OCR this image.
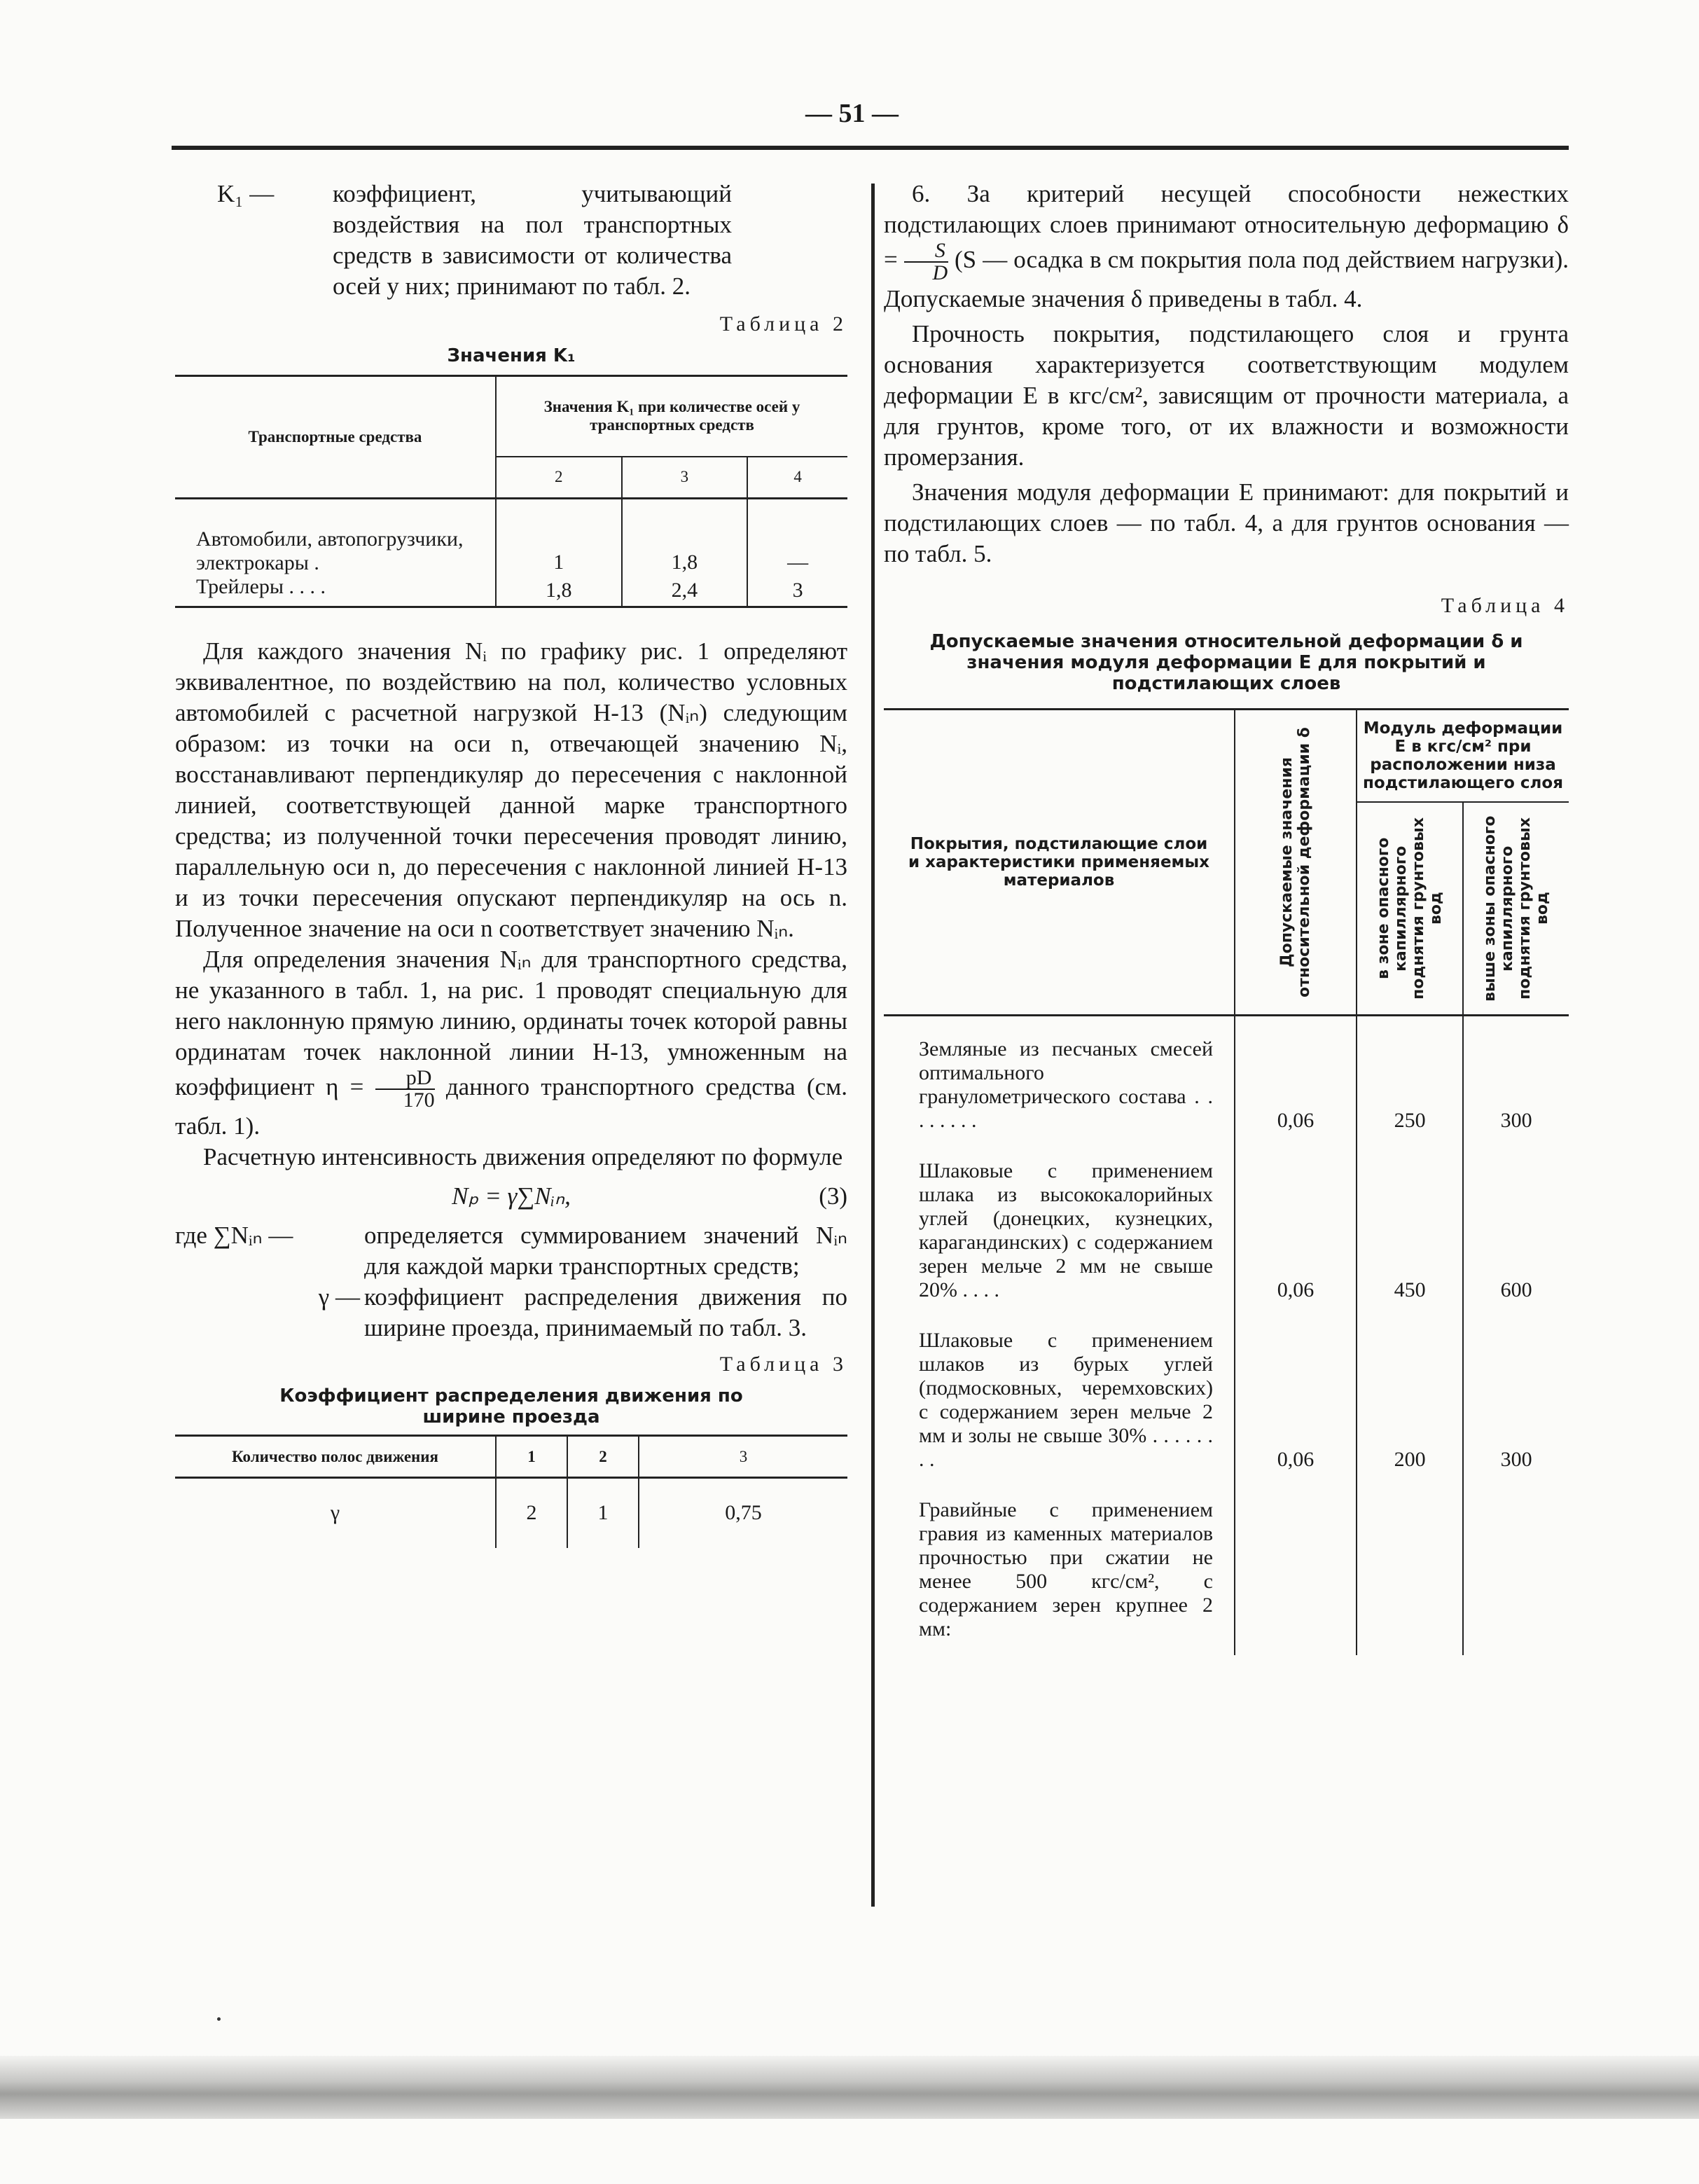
— 51 —
K₁ —	коэффициент, учитывающий воздействия на пол транспортных средств в зависимости от количества осей у них; принимают по табл. 2.
Таблица 2
Значения K₁
Транспортные средства	Значения K₁ при количестве осей у транспортных средств		
	2	3	4
Автомобили, автопогрузчики, электрокары .	1	1,8	—
Трейлеры . . . .	1,8	2,4	3

Для каждого значения Nᵢ по графику рис. 1 определяют эквивалентное, по воздействию на пол, количество условных автомобилей с расчетной нагрузкой Н-13 (Nᵢₙ) следующим образом: из точки на оси n, отвечающей значению Nᵢ, восстанавливают перпендикуляр до пересечения с наклонной линией, соответствующей данной марке транспортного средства; из полученной точки пересечения проводят линию, параллельную оси n, до пересечения с наклонной линией Н-13 и из точки пересечения опускают перпендикуляр на ось n. Полученное значение на оси n соответствует значению Nᵢₙ.

Для определения значения Nᵢₙ для транспортного средства, не указанного в табл. 1, на рис. 1 проводят специальную для него наклонную прямую линию, ординаты точек которой равны ординатам точек наклонной линии Н-13, умноженным на коэффициент $\eta = \frac{pD}{170}$ данного транспортного средства (см. табл. 1).

Расчетную интенсивность движения определяют по формуле

Nₚ = γ∑Nᵢₙ,	(3)
где ∑Nᵢₙ —	определяется суммированием значений Nᵢₙ для каждой марки транспортных средств;
γ — коэффициент распределения движения по ширине проезда, принимаемый по табл. 3.
Таблица 3
Коэффициент распределения движения по ширине проезда
Количество полос движения	1	2	3
γ	2	1	0,75

6. За критерий несущей способности нежестких подстилающих слоев принимают относительную деформацию $\delta = \frac{S}{D} (S$ — осадка в см покрытия пола под действием нагрузки). Допускаемые значения δ приведены в табл. 4.

Прочность покрытия, подстилающего слоя и грунта основания характеризуется соответствующим модулем деформации E в кгс/см², зависящим от прочности материала, а для грунтов, кроме того, от их влажности и возможности промерзания.

Значения модуля деформации E принимают: для покрытий и подстилающих слоев — по табл. 4, а для грунтов основания — по табл. 5.

Таблица 4
Допускаемые значения относительной деформации δ и значения модуля деформации E для покрытий и подстилающих слоев
Покрытия, подстилающие слои и характеристики применяемых материалов	Допускаемые значения относительной деформации δ	Модуль деформации E в кгс/см² при расположении низа подстилающего слоя	

		в зоне опасного капиллярного поднятия грунтовых вод	выше зоны опасного капиллярного поднятия грунтовых вод

Земляные из песчаных смесей оптимального гранулометрического состава . . . . . . . .	0,06	250	300
Шлаковые с применением шлака из высококалорийных углей (донецких, кузнецких, карагандинских) с содержанием зерен мельче 2 мм не свыше 20% . . . .	0,06	450	600
Шлаковые с применением шлаков из бурых углей (подмосковных, черемховских) с содержанием зерен мельче 2 мм и золы не свыше 30% . . . . . . . .	0,06	200	300
Гравийные с применением гравия из каменных материалов прочностью при сжатии не менее 500 кгс/см², с содержанием зерен крупнее 2 мм:			
